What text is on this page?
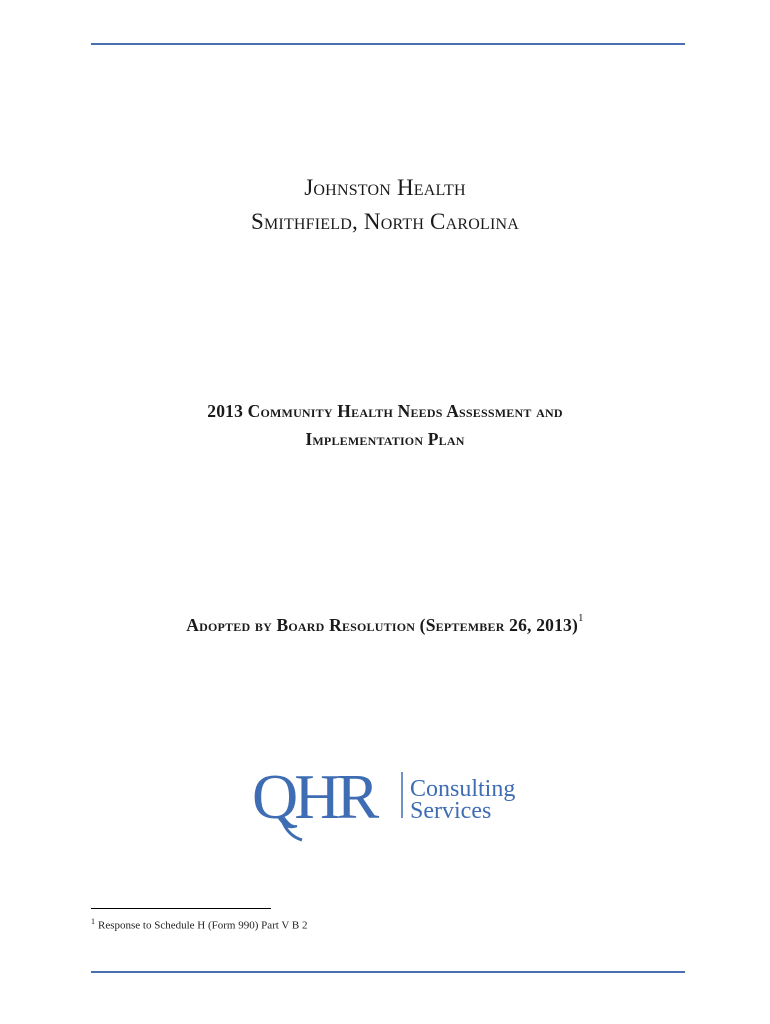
Johnston Health
Smithfield, North Carolina
2013 Community Health Needs Assessment and
Implementation Plan
Adopted by Board Resolution (September 26, 2013)$^1$
QHR Consulting
Services
$^1$ Response to Schedule H (Form 990) Part V B 2
